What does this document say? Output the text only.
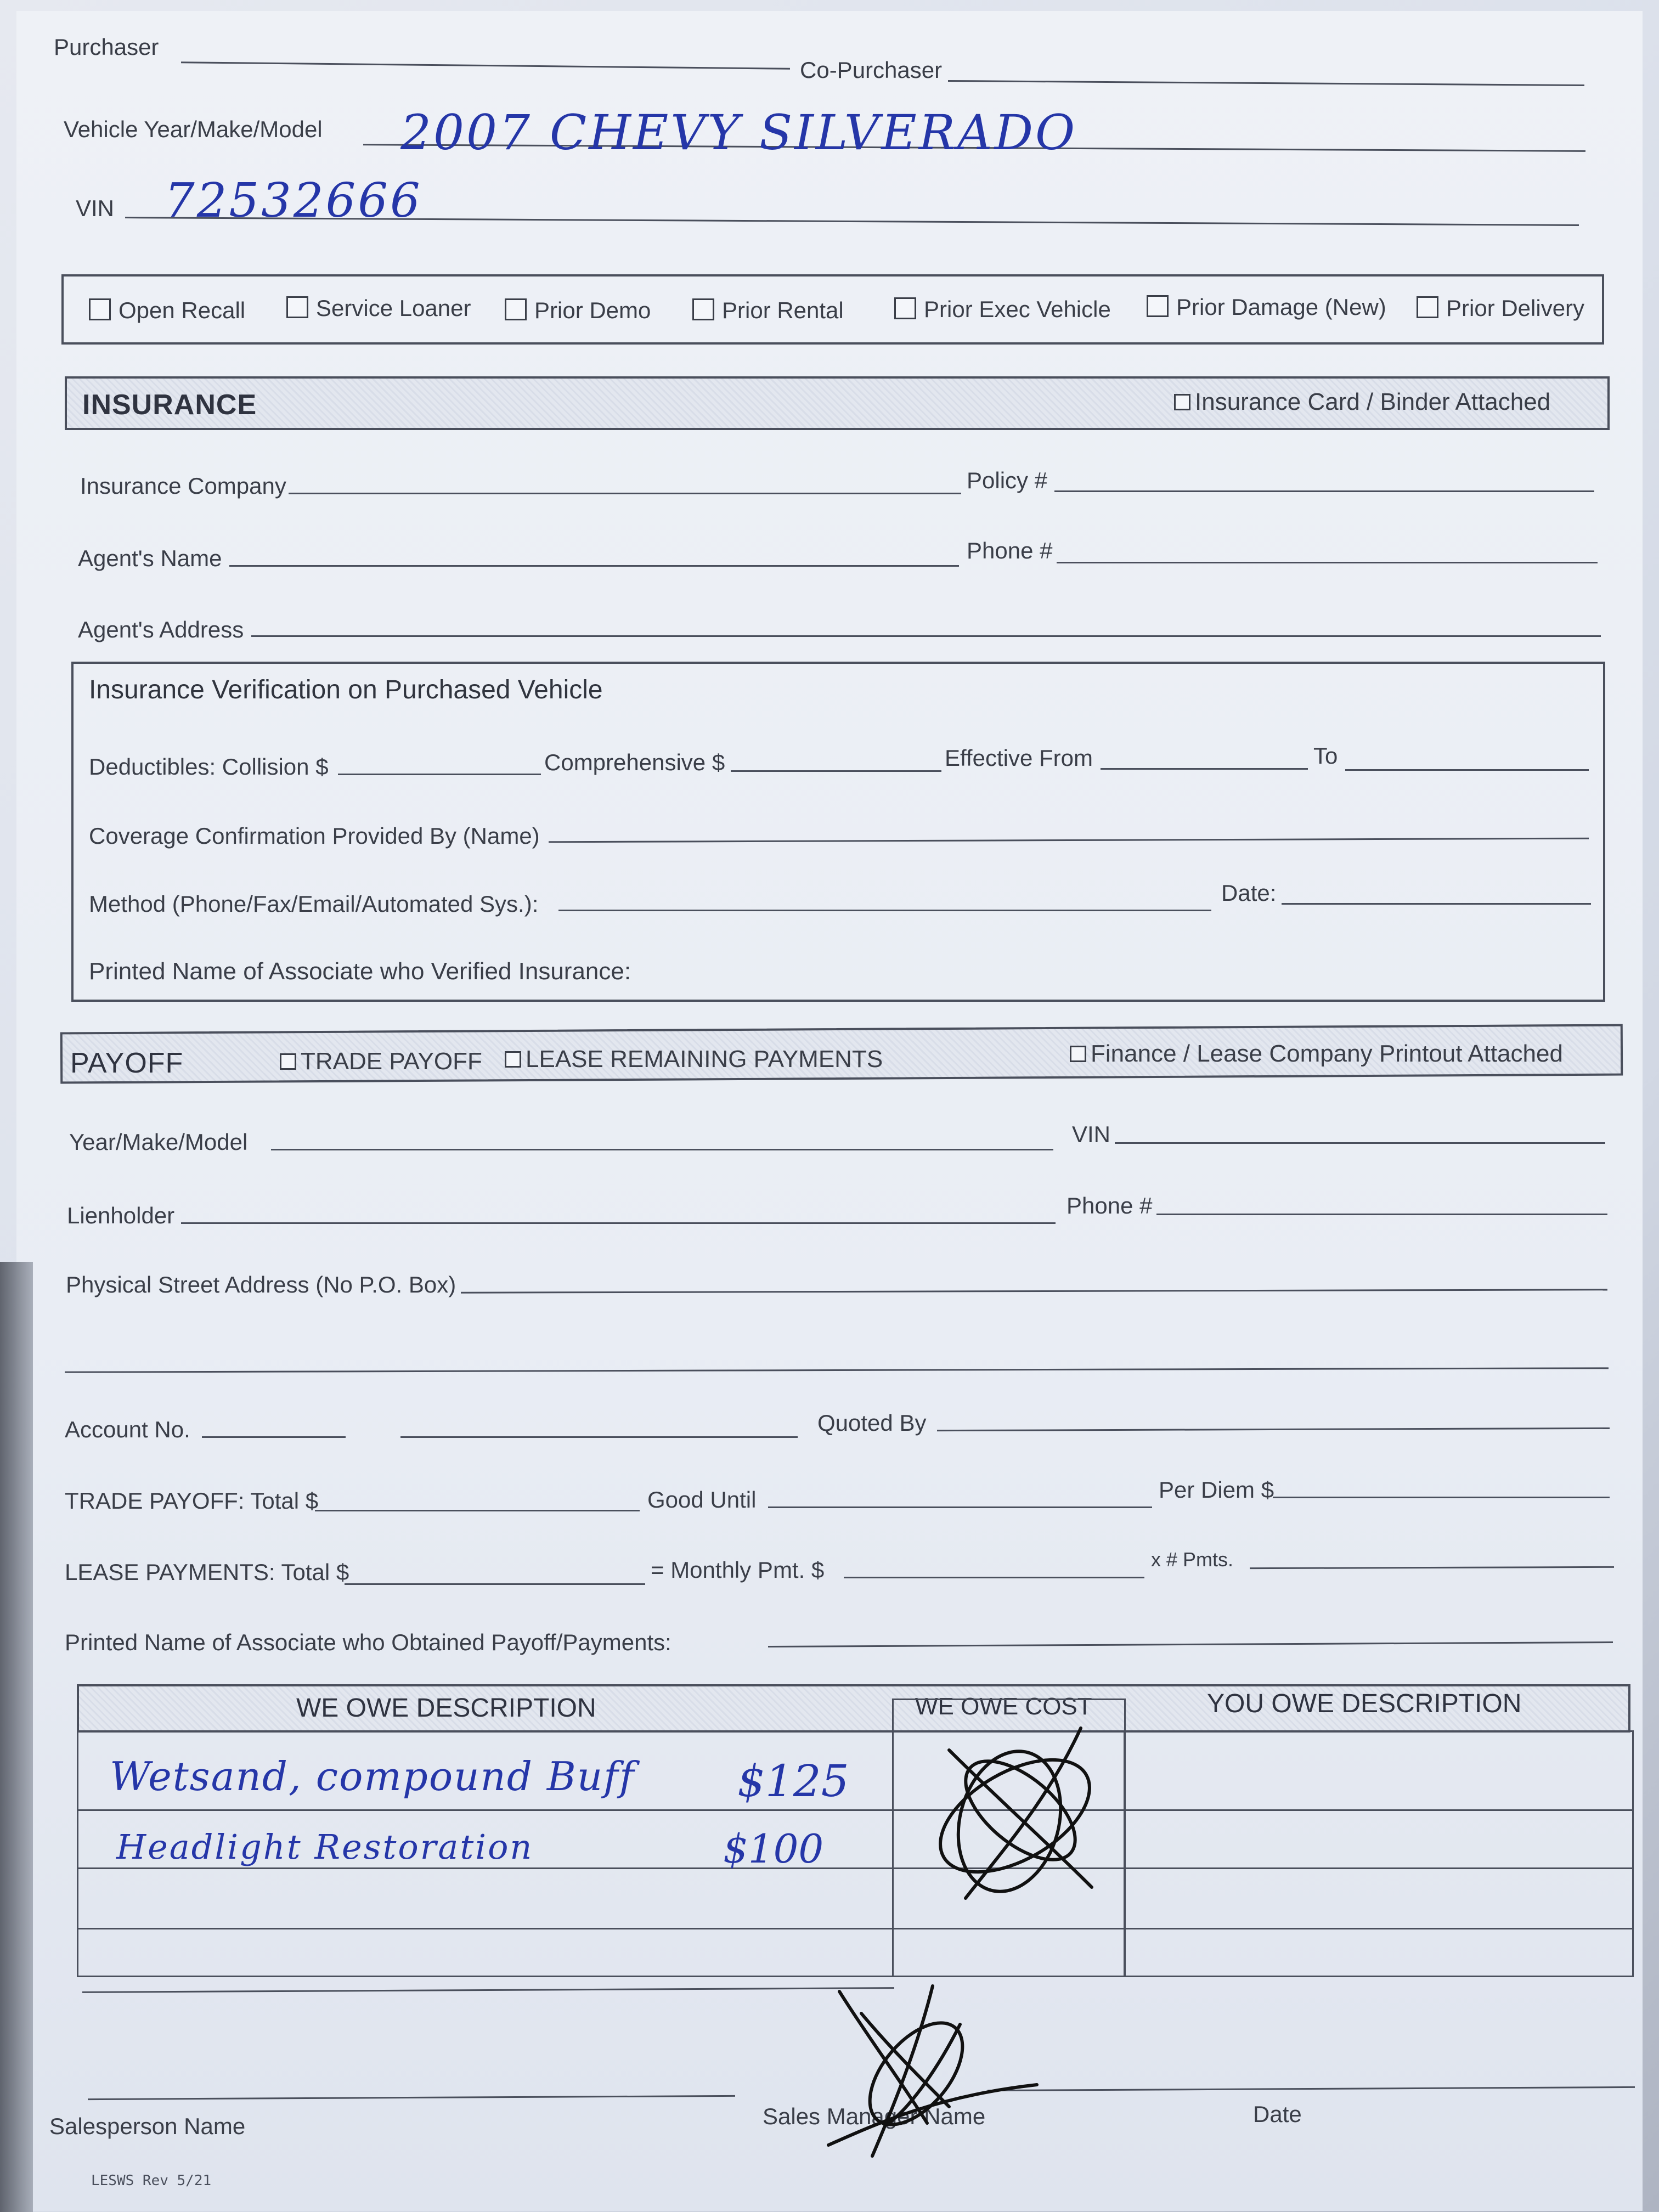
Purchaser
Co-Purchaser
Vehicle Year/Make/Model 2007 CHEVY SILVERADO
VIN 72532666
Open Recall	Service Loaner	Prior Demo	Prior Rental	Prior Exec Vehicle	Prior Damage (New)	Prior Delivery
INSURANCE	Insurance Card / Binder Attached
Insurance Company	Policy #
Agent's Name	Phone #
Agent's Address
Insurance Verification on Purchased Vehicle
Deductibles: Collision $	Comprehensive $	Effective From	To
Coverage Confirmation Provided By (Name)
Method (Phone/Fax/Email/Automated Sys.):	Date:
Printed Name of Associate who Verified Insurance:
PAYOFF	TRADE PAYOFF	LEASE REMAINING PAYMENTS	Finance / Lease Company Printout Attached
Year/Make/Model	VIN
Lienholder	Phone #
Physical Street Address (No P.O. Box)
Account No.	Quoted By
TRADE PAYOFF: Total $	Good Until	Per Diem $
LEASE PAYMENTS: Total $	= Monthly Pmt. $	x # Pmts.
Printed Name of Associate who Obtained Payoff/Payments:
WE OWE DESCRIPTION	WE OWE COST	YOU OWE DESCRIPTION
Wetsand, compound Buff $125
Headlight Restoration	$100
Salesperson Name	Sales Manager Name	Date
LESWS Rev 5/21
